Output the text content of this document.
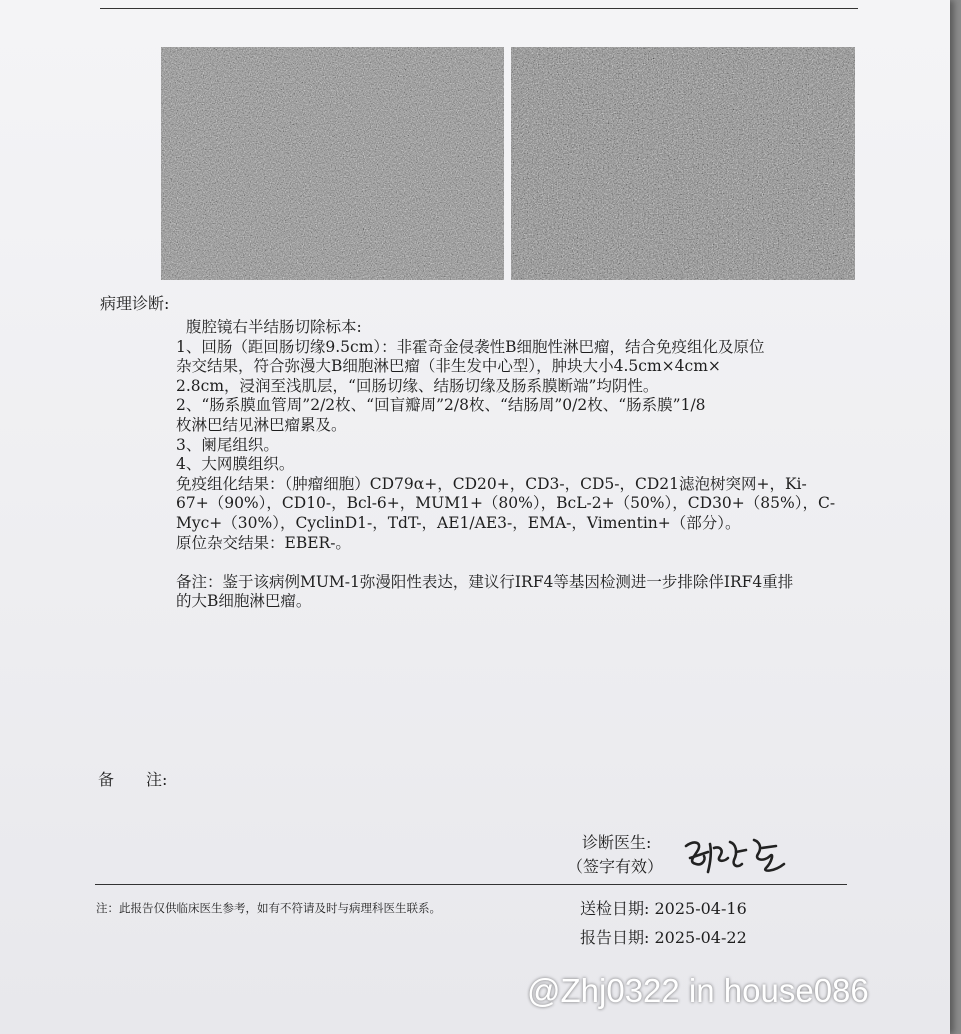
病理诊断:
腹腔镜右半结肠切除标本:
1、回肠（距回肠切缘9.5cm）：非霍奇金侵袭性B细胞性淋巴瘤，结合免疫组化及原位
杂交结果，符合弥漫大B细胞淋巴瘤（非生发中心型），肿块大小4.5cm×4cm×
2.8cm，浸润至浅肌层，“回肠切缘、结肠切缘及肠系膜断端”均阴性。
2、“肠系膜血管周”2/2枚、“回盲瓣周”2/8枚、“结肠周”0/2枚、“肠系膜”1/8
枚淋巴结见淋巴瘤累及。
3、阑尾组织。
4、大网膜组织。
免疫组化结果：（肿瘤细胞）CD79α+，CD20+，CD3-，CD5-，CD21滤泡树突网+，Ki-
67+（90%），CD10-，Bcl-6+，MUM1+（80%），BcL-2+（50%），CD30+（85%），C-
Myc+（30%），CyclinD1-，TdT-，AE1/AE3-，EMA-，Vimentin+（部分）。
原位杂交结果：EBER-。
备注：鉴于该病例MUM-1弥漫阳性表达，建议行IRF4等基因检测进一步排除伴IRF4重排
的大B细胞淋巴瘤。
备　　注:
诊断医生:
（签字有效）
注：此报告仅供临床医生参考，如有不符请及时与病理科医生联系。	送检日期: 2025-04-16
报告日期: 2025-04-22
@Zhj0322 in house086
